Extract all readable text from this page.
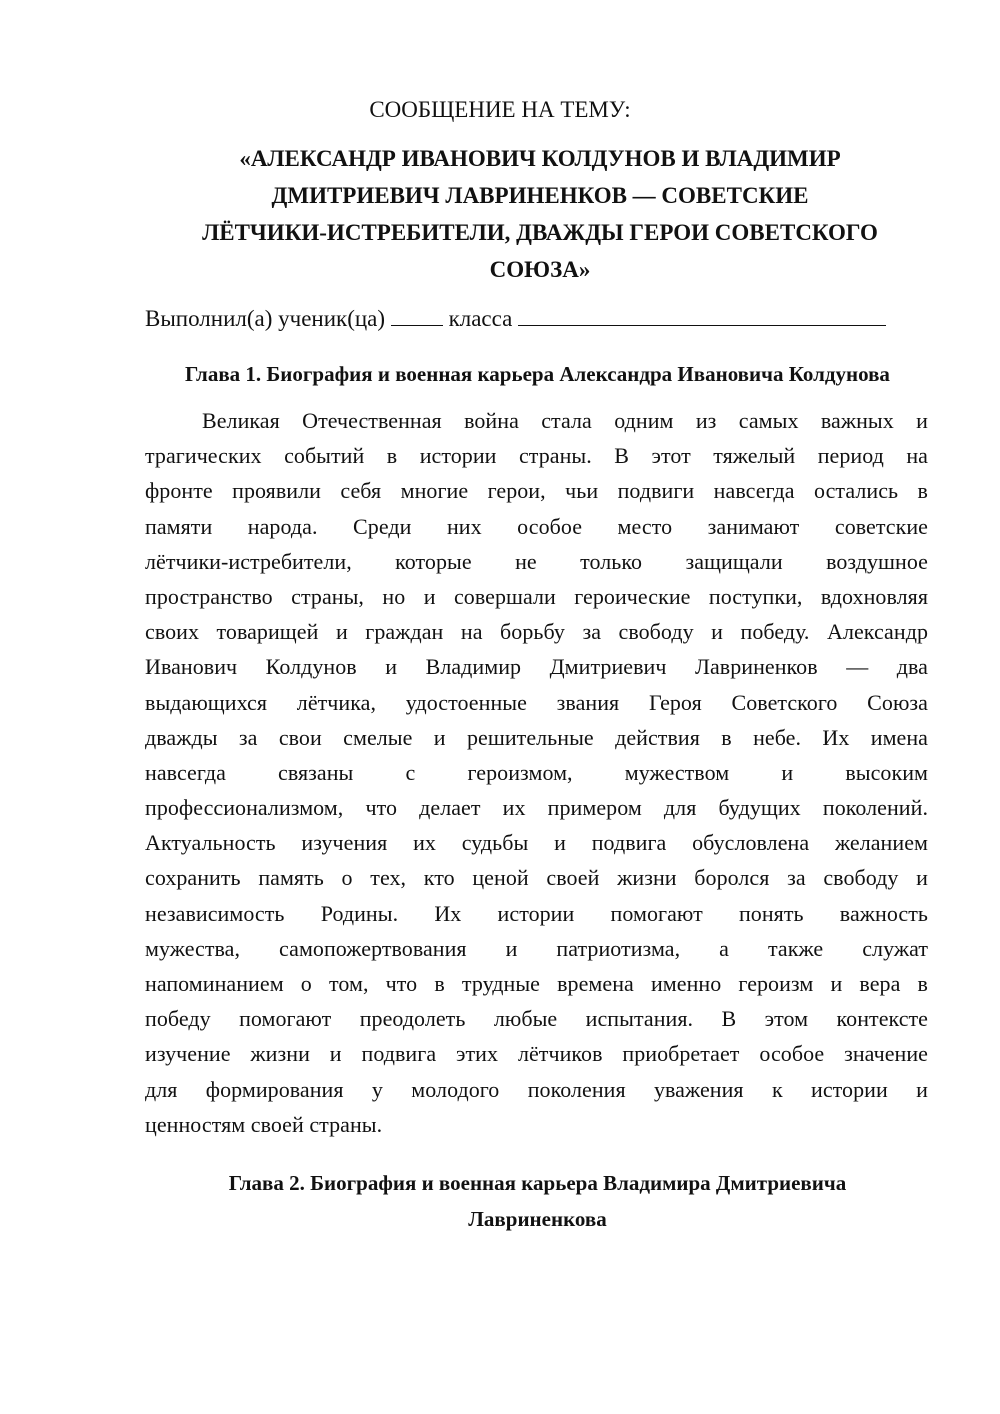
СООБЩЕНИЕ НА ТЕМУ:
«АЛЕКСАНДР ИВАНОВИЧ КОЛДУНОВ И ВЛАДИМИР
ДМИТРИЕВИЧ ЛАВРИНЕНКОВ — СОВЕТСКИЕ
ЛЁТЧИКИ-ИСТРЕБИТЕЛИ, ДВАЖДЫ ГЕРОИ СОВЕТСКОГО
СОЮЗА»
Выполнил(а) ученик(ца)	класса
Глава 1. Биография и военная карьера Александра Ивановича Колдунова
Великая Отечественная война стала одним из самых важных и
трагических событий в истории страны. В этот тяжелый период на
фронте проявили себя многие герои, чьи подвиги навсегда остались в
памяти народа. Среди них особое место занимают советские
лётчики-истребители, которые не только защищали воздушное
пространство страны, но и совершали героические поступки, вдохновляя
своих товарищей и граждан на борьбу за свободу и победу. Александр
Иванович Колдунов и Владимир Дмитриевич Лавриненков — два
выдающихся лётчика, удостоенные звания Героя Советского Союза
дважды за свои смелые и решительные действия в небе. Их имена
навсегда связаны с героизмом, мужеством и высоким
профессионализмом, что делает их примером для будущих поколений.
Актуальность изучения их судьбы и подвига обусловлена желанием
сохранить память о тех, кто ценой своей жизни боролся за свободу и
независимость Родины. Их истории помогают понять важность
мужества, самопожертвования и патриотизма, а также служат
напоминанием о том, что в трудные времена именно героизм и вера в
победу помогают преодолеть любые испытания. В этом контексте
изучение жизни и подвига этих лётчиков приобретает особое значение
для формирования у молодого поколения уважения к истории и
ценностям своей страны.
Глава 2. Биография и военная карьера Владимира Дмитриевича
Лавриненкова
